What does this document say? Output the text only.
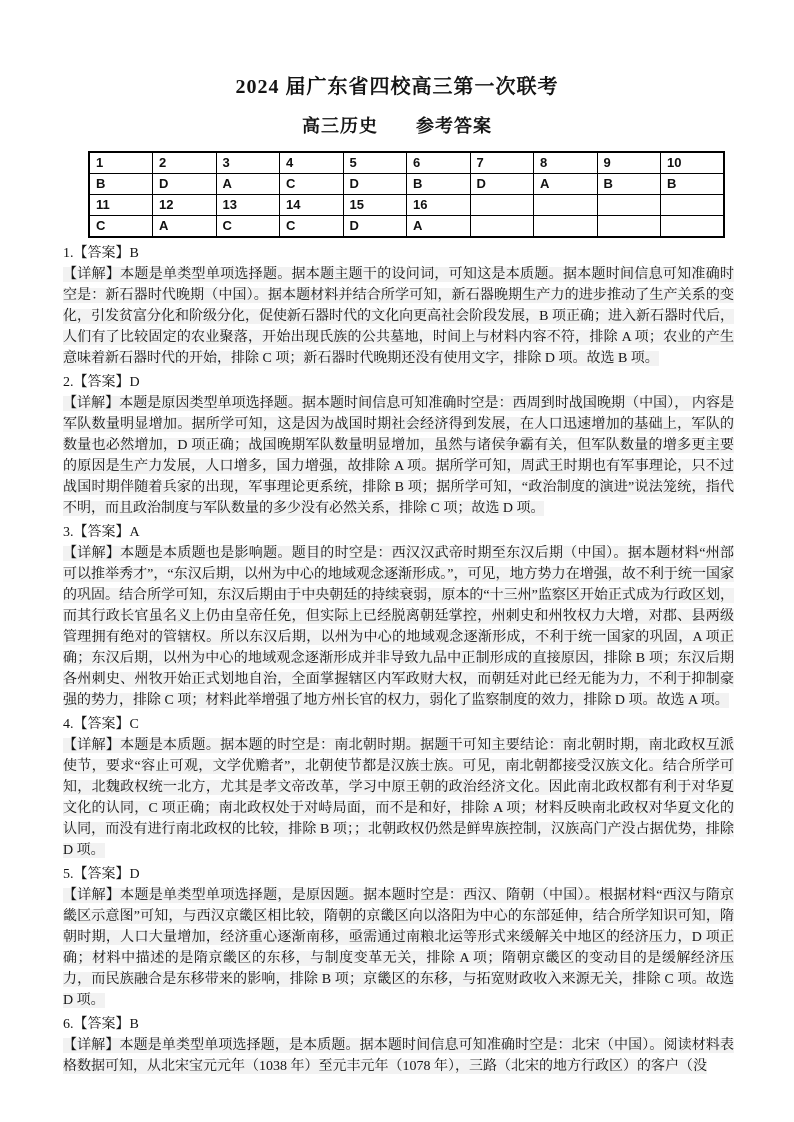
2024 届广东省四校高三第一次联考
高三历史　　参考答案
1	2	3	4	5	6	7	8	9	10
B	D	A	C	D	B	D	A	B	B
11	12	13	14	15	16				
C	A	C	C	D	A				

1.【答案】B

【详解】本题是单类型单项选择题。据本题主题干的设问词，可知这是本质题。据本题时间信息可知准确时空是：新石器时代晚期（中国）。据本题材料并结合所学可知，新石器晚期生产力的进步推动了生产关系的变化，引发贫富分化和阶级分化，促使新石器时代的文化向更高社会阶段发展，B 项正确；进入新石器时代后，人们有了比较固定的农业聚落，开始出现氏族的公共墓地，时间上与材料内容不符，排除 A 项；农业的产生意味着新石器时代的开始，排除 C 项；新石器时代晚期还没有使用文字，排除 D 项。故选 B 项。

2.【答案】D

【详解】本题是原因类型单项选择题。据本题时间信息可知准确时空是：西周到时战国晚期（中国）， 内容是军队数量明显增加。据所学可知，这是因为战国时期社会经济得到发展，在人口迅速增加的基础上，军队的数量也必然增加，D 项正确；战国晚期军队数量明显增加，虽然与诸侯争霸有关，但军队数量的增多更主要的原因是生产力发展，人口增多，国力增强，故排除 A 项。据所学可知，周武王时期也有军事理论，只不过战国时期伴随着兵家的出现，军事理论更系统，排除 B 项；据所学可知，“政治制度的演进”说法笼统，指代不明，而且政治制度与军队数量的多少没有必然关系，排除 C 项；故选 D 项。

3.【答案】A

【详解】本题是本质题也是影响题。题目的时空是：西汉汉武帝时期至东汉后期（中国）。据本题材料“州部可以推举秀才”，“东汉后期，以州为中心的地域观念逐渐形成。”，可见，地方势力在增强，故不利于统一国家的巩固。结合所学可知，东汉后期由于中央朝廷的持续衰弱，原本的“十三州”监察区开始正式成为行政区划，而其行政长官虽名义上仍由皇帝任免，但实际上已经脱离朝廷掌控，州刺史和州牧权力大增，对郡、县两级管理拥有绝对的管辖权。所以东汉后期，以州为中心的地域观念逐渐形成，不利于统一国家的巩固，A 项正确；东汉后期，以州为中心的地域观念逐渐形成并非导致九品中正制形成的直接原因，排除 B 项；东汉后期各州刺史、州牧开始正式划地自治，全面掌握辖区内军政财大权，而朝廷对此已经无能为力，不利于抑制豪强的势力，排除 C 项；材料此举增强了地方州长官的权力，弱化了监察制度的效力，排除 D 项。故选 A 项。

4.【答案】C

【详解】本题是本质题。据本题的时空是：南北朝时期。据题干可知主要结论：南北朝时期，南北政权互派使节，要求“容止可观，文学优赡者”，北朝使节都是汉族士族。可见，南北朝都接受汉族文化。结合所学可知，北魏政权统一北方，尤其是孝文帝改革，学习中原王朝的政治经济文化。因此南北政权都有利于对华夏文化的认同，C 项正确；南北政权处于对峙局面，而不是和好，排除 A 项；材料反映南北政权对华夏文化的认同，而没有进行南北政权的比较，排除 B 项；；北朝政权仍然是鲜卑族控制，汉族高门产没占据优势，排除 D 项。

5.【答案】D

【详解】本题是单类型单项选择题，是原因题。据本题时空是：西汉、隋朝（中国）。根据材料“西汉与隋京畿区示意图”可知，与西汉京畿区相比较，隋朝的京畿区向以洛阳为中心的东部延伸，结合所学知识可知，隋朝时期，人口大量增加，经济重心逐渐南移，亟需通过南粮北运等形式来缓解关中地区的经济压力，D 项正确；材料中描述的是隋京畿区的东移，与制度变革无关，排除 A 项；隋朝京畿区的变动目的是缓解经济压力，而民族融合是东移带来的影响，排除 B 项；京畿区的东移，与拓宽财政收入来源无关，排除 C 项。故选 D 项。

6.【答案】B

【详解】本题是单类型单项选择题，是本质题。据本题时间信息可知准确时空是：北宋（中国）。阅读材料表格数据可知，从北宋宝元元年（1038 年）至元丰元年（1078 年），三路（北宋的地方行政区）的客户（没
